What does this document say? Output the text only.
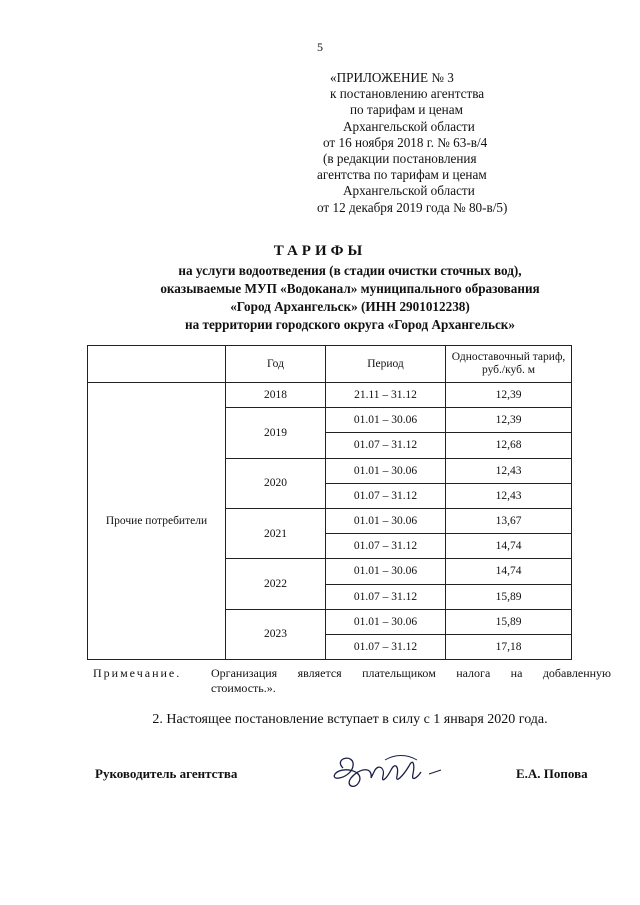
5
«ПРИЛОЖЕНИЕ № 3
к постановлению агентства
по тарифам и ценам
Архангельской области
от 16 ноября 2018 г. № 63-в/4
(в редакции постановления
агентства по тарифам и ценам
Архангельской области
от 12 декабря 2019 года № 80-в/5)
ТАРИФЫ
на услуги водоотведения (в стадии очистки сточных вод),
оказываемые МУП «Водоканал» муниципального образования
«Город Архангельск» (ИНН 2901012238)
на территории городского округа «Город Архангельск»
	Год	Период	Одноставочный тариф, руб./куб. м
Прочие потребители	2018	21.11 – 31.12	12,39
	2019	01.01 – 30.06	12,39
		01.07 – 31.12	12,68
	2020	01.01 – 30.06	12,43
		01.07 – 31.12	12,43
	2021	01.01 – 30.06	13,67
		01.07 – 31.12	14,74
	2022	01.01 – 30.06	14,74
		01.07 – 31.12	15,89
	2023	01.01 – 30.06	15,89
		01.07 – 31.12	17,18
Примечание. Организация является плательщиком налога на добавленную
стоимость.».
2. Настоящее постановление вступает в силу с 1 января 2020 года.
Руководитель агентства	Е.А. Попова
